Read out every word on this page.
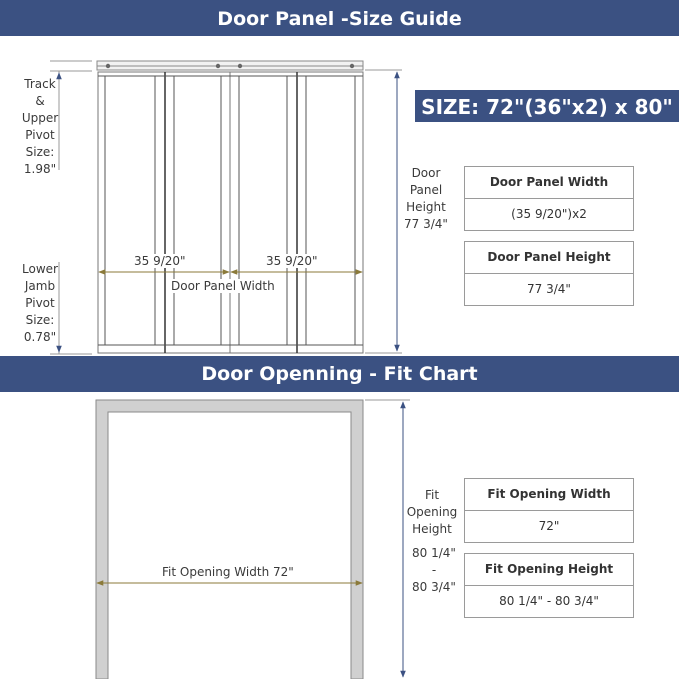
Door Panel -Size Guide
Door Openning - Fit Chart
SIZE: 72"(36"x2) x 80"
Track
&
Upper
Pivot
Size:
1.98"
Lower
Jamb
Pivot
Size:
0.78"
35 9/20"	35 9/20"
Door Panel Width
Door
Panel
Height
77 3/4"
Door Panel Width
(35 9/20")x2
Door Panel Height
77 3/4"
Fit Opening Width 72"
Fit
Opening
Height
80 1/4"
-
80 3/4"
Fit Opening Width
72"
Fit Opening Height
80 1/4" - 80 3/4"
